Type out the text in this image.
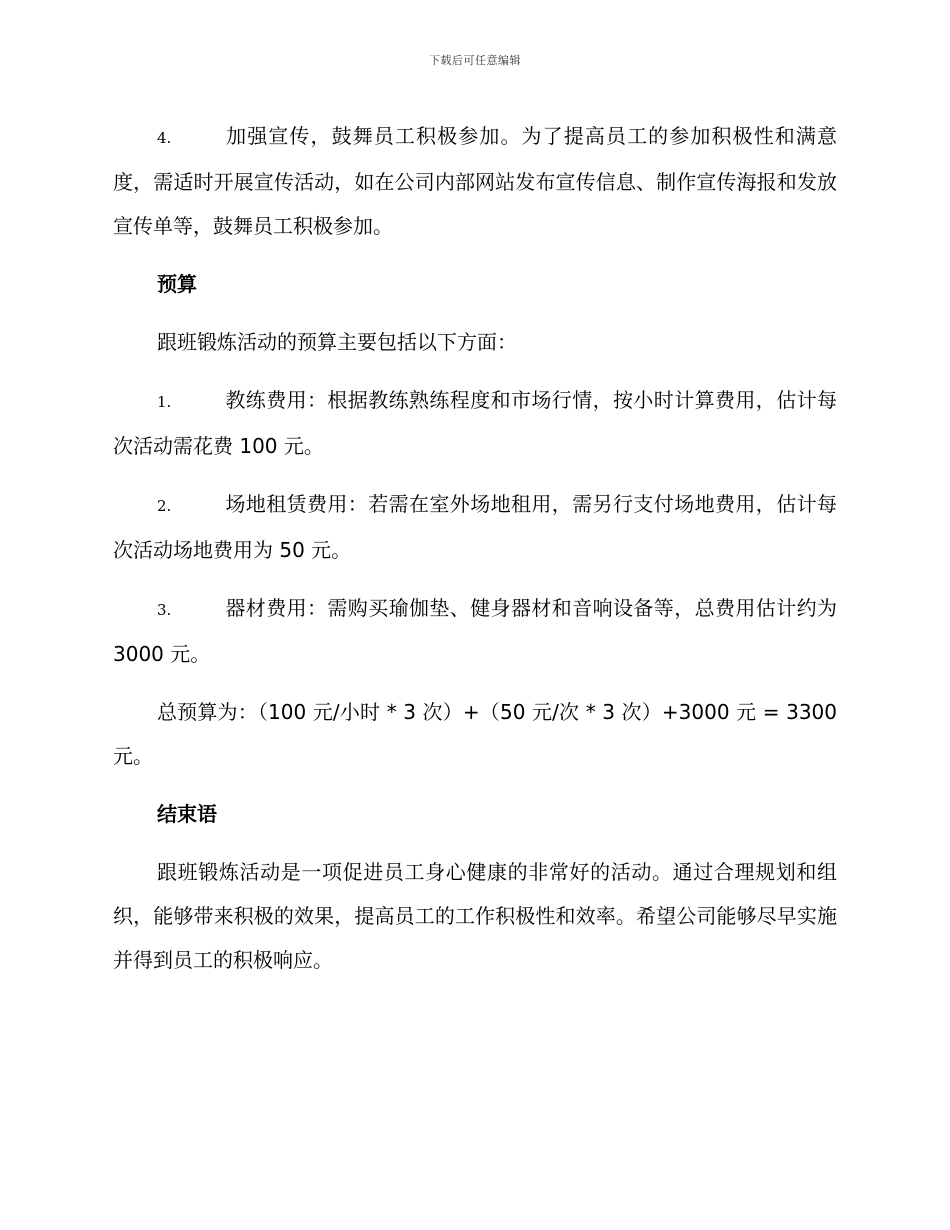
下载后可任意编辑

4.	加强宣传，鼓舞员工积极参加。为了提高员工的参加积极性和满意度，需适时开展宣传活动，如在公司内部网站发布宣传信息、制作宣传海报和发放宣传单等，鼓舞员工积极参加。

预算

跟班锻炼活动的预算主要包括以下方面：

1.	教练费用：根据教练熟练程度和市场行情，按小时计算费用，估计每次活动需花费 100 元。

2.	场地租赁费用：若需在室外场地租用，需另行支付场地费用，估计每次活动场地费用为 50 元。

3.	器材费用：需购买瑜伽垫、健身器材和音响设备等，总费用估计约为 3000 元。

总预算为：（100 元/小时 * 3 次）+（50 元/次 * 3 次）+3000 元 = 3300 元。

结束语

跟班锻炼活动是一项促进员工身心健康的非常好的活动。通过合理规划和组织，能够带来积极的效果，提高员工的工作积极性和效率。希望公司能够尽早实施并得到员工的积极响应。
